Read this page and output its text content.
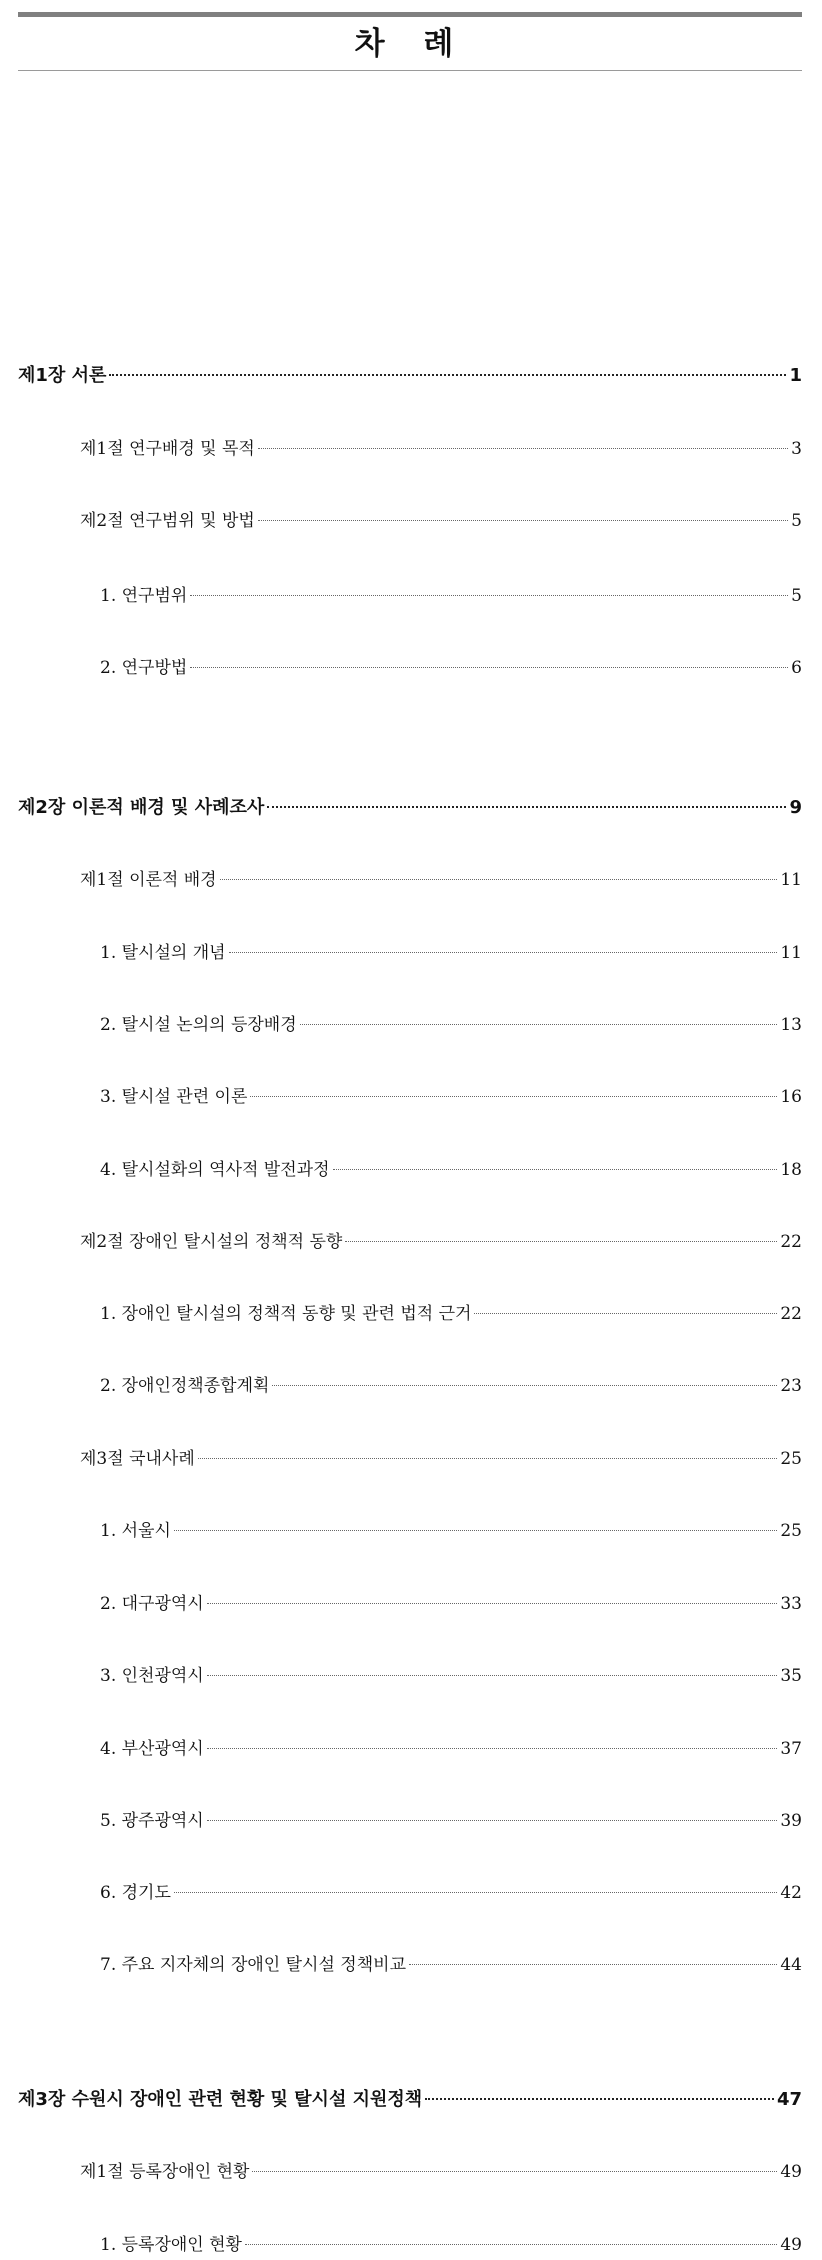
차 례
제1장 서론	1
제1절 연구배경 및 목적	3
제2절 연구범위 및 방법	5
1. 연구범위	5
2. 연구방법	6
제2장 이론적 배경 및 사례조사	9
제1절 이론적 배경	11
1. 탈시설의 개념	11
2. 탈시설 논의의 등장배경	13
3. 탈시설 관련 이론	16
4. 탈시설화의 역사적 발전과정	18
제2절 장애인 탈시설의 정책적 동향	22
1. 장애인 탈시설의 정책적 동향 및 관련 법적 근거	22
2. 장애인정책종합계획	23
제3절 국내사례	25
1. 서울시	25
2. 대구광역시	33
3. 인천광역시	35
4. 부산광역시	37
5. 광주광역시	39
6. 경기도	42
7. 주요 지자체의 장애인 탈시설 정책비교	44
제3장 수원시 장애인 관련 현황 및 탈시설 지원정책	47
제1절 등록장애인 현황	49
1. 등록장애인 현황	49
